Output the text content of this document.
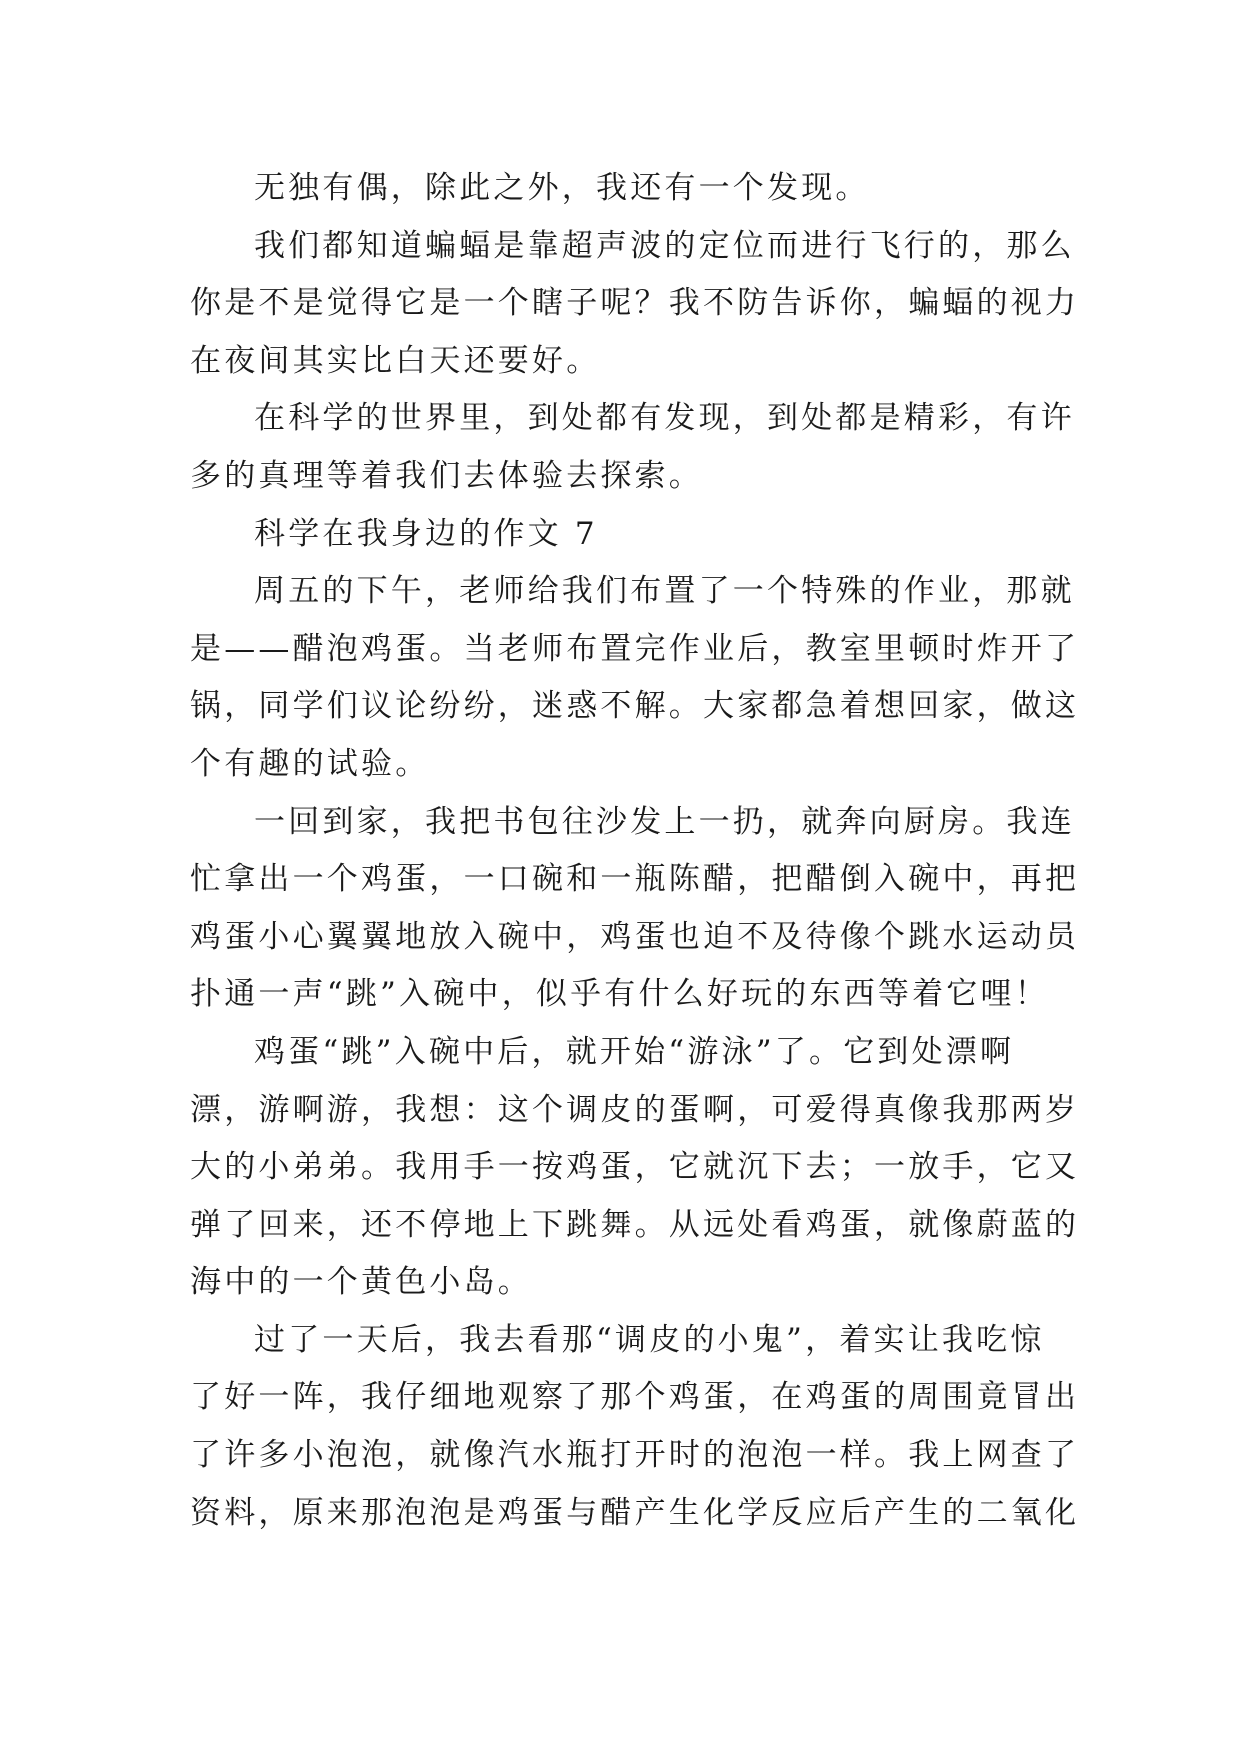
无独有偶，除此之外，我还有一个发现。
我们都知道蝙蝠是靠超声波的定位而进行飞行的，那么
你是不是觉得它是一个瞎子呢？我不防告诉你，蝙蝠的视力
在夜间其实比白天还要好。
在科学的世界里，到处都有发现，到处都是精彩，有许
多的真理等着我们去体验去探索。
科学在我身边的作文 7
周五的下午，老师给我们布置了一个特殊的作业，那就
是——醋泡鸡蛋。当老师布置完作业后，教室里顿时炸开了
锅，同学们议论纷纷，迷惑不解。大家都急着想回家，做这
个有趣的试验。
一回到家，我把书包往沙发上一扔，就奔向厨房。我连
忙拿出一个鸡蛋，一口碗和一瓶陈醋，把醋倒入碗中，再把
鸡蛋小心翼翼地放入碗中，鸡蛋也迫不及待像个跳水运动员
扑通一声“跳”入碗中，似乎有什么好玩的东西等着它哩！
鸡蛋“跳”入碗中后，就开始“游泳”了。它到处漂啊
漂，游啊游，我想：这个调皮的蛋啊，可爱得真像我那两岁
大的小弟弟。我用手一按鸡蛋，它就沉下去；一放手，它又
弹了回来，还不停地上下跳舞。从远处看鸡蛋，就像蔚蓝的
海中的一个黄色小岛。
过了一天后，我去看那“调皮的小鬼”，着实让我吃惊
了好一阵，我仔细地观察了那个鸡蛋，在鸡蛋的周围竟冒出
了许多小泡泡，就像汽水瓶打开时的泡泡一样。我上网查了
资料，原来那泡泡是鸡蛋与醋产生化学反应后产生的二氧化
